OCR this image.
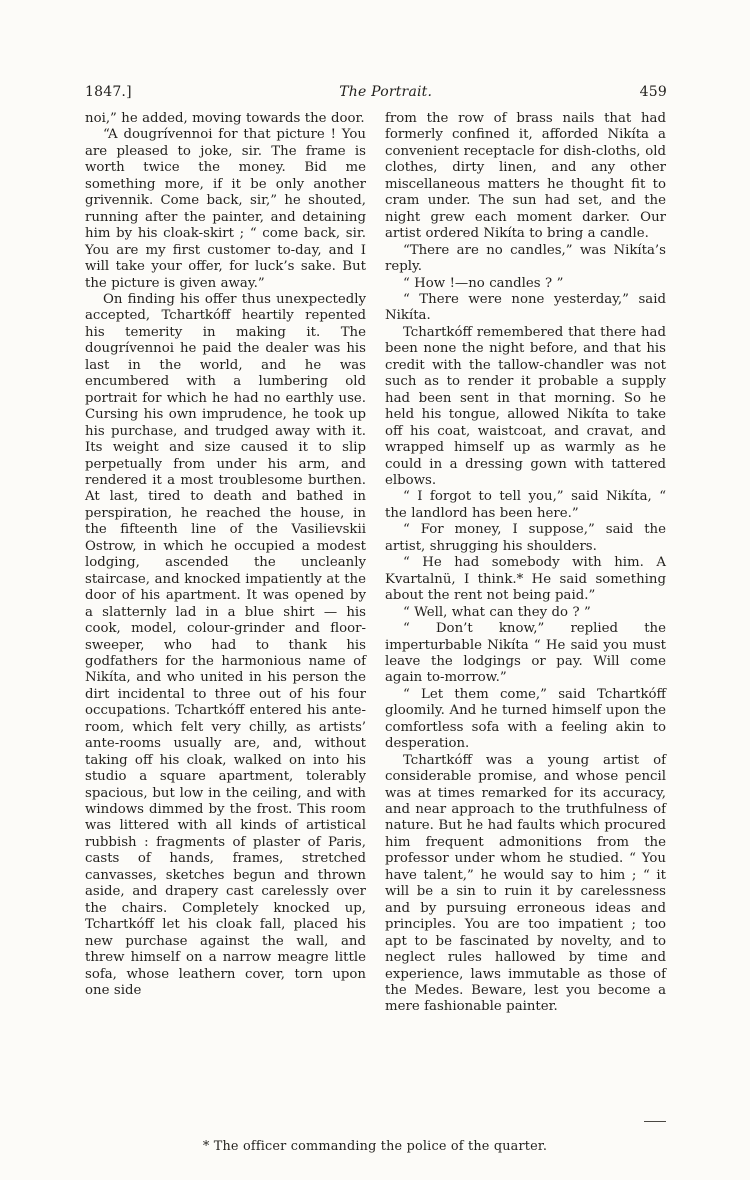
1847.]	The Portrait.	459

noi,” he added, moving towards the door.

“A dougrívennoi for that picture ! You are pleased to joke, sir. The frame is worth twice the money. Bid me something more, if it be only another grivennik. Come back, sir,” he shouted, running after the painter, and detaining him by his cloak-skirt ; “ come back, sir. You are my first customer to-day, and I will take your offer, for luck’s sake. But the picture is given away.”

On finding his offer thus unexpectedly accepted, Tchartkóff heartily repented his temerity in making it. The dougrívennoi he paid the dealer was his last in the world, and he was encumbered with a lumbering old portrait for which he had no earthly use. Cursing his own imprudence, he took up his purchase, and trudged away with it. Its weight and size caused it to slip perpetually from under his arm, and rendered it a most troublesome burthen. At last, tired to death and bathed in perspiration, he reached the house, in the fifteenth line of the Vasilievskii Ostrow, in which he occupied a modest lodging, ascended the uncleanly staircase, and knocked impatiently at the door of his apartment. It was opened by a slatternly lad in a blue shirt — his cook, model, colour-grinder and floor-sweeper, who had to thank his godfathers for the harmonious name of Nikíta, and who united in his person the dirt incidental to three out of his four occupations. Tchartkóff entered his ante-room, which felt very chilly, as artists’ ante-rooms usually are, and, without taking off his cloak, walked on into his studio a square apartment, tolerably spacious, but low in the ceiling, and with windows dimmed by the frost. This room was littered with all kinds of artistical rubbish : fragments of plaster of Paris, casts of hands, frames, stretched canvasses, sketches begun and thrown aside, and drapery cast carelessly over the chairs. Completely knocked up, Tchartkóff let his cloak fall, placed his new purchase against the wall, and threw himself on a narrow meagre little sofa, whose leathern cover, torn upon one side

from the row of brass nails that had formerly confined it, afforded Nikíta a convenient receptacle for dish-cloths, old clothes, dirty linen, and any other miscellaneous matters he thought fit to cram under. The sun had set, and the night grew each moment darker. Our artist ordered Nikíta to bring a candle.

“There are no candles,” was Nikíta’s reply.

“ How !—no candles ? ”

“ There were none yesterday,” said Nikíta.

Tchartkóff remembered that there had been none the night before, and that his credit with the tallow-chandler was not such as to render it probable a supply had been sent in that morning. So he held his tongue, allowed Nikíta to take off his coat, waistcoat, and cravat, and wrapped himself up as warmly as he could in a dressing gown with tattered elbows.

“ I forgot to tell you,” said Nikíta, “ the landlord has been here.”

“ For money, I suppose,” said the artist, shrugging his shoulders.

“ He had somebody with him. A Kvartalnü, I think.* He said something about the rent not being paid.”

“ Well, what can they do ? ”

“ Don’t know,” replied the imperturbable Nikíta “ He said you must leave the lodgings or pay. Will come again to-morrow.”

“ Let them come,” said Tchartkóff gloomily. And he turned himself upon the comfortless sofa with a feeling akin to desperation.

Tchartkóff was a young artist of considerable promise, and whose pencil was at times remarked for its accuracy, and near approach to the truthfulness of nature. But he had faults which procured him frequent admonitions from the professor under whom he studied. “ You have talent,” he would say to him ; “ it will be a sin to ruin it by carelessness and by pursuing erroneous ideas and principles. You are too impatient ; too apt to be fascinated by novelty, and to neglect rules hallowed by time and experience, laws immutable as those of the Medes. Beware, lest you become a mere fashionable painter.

* The officer commanding the police of the quarter.
